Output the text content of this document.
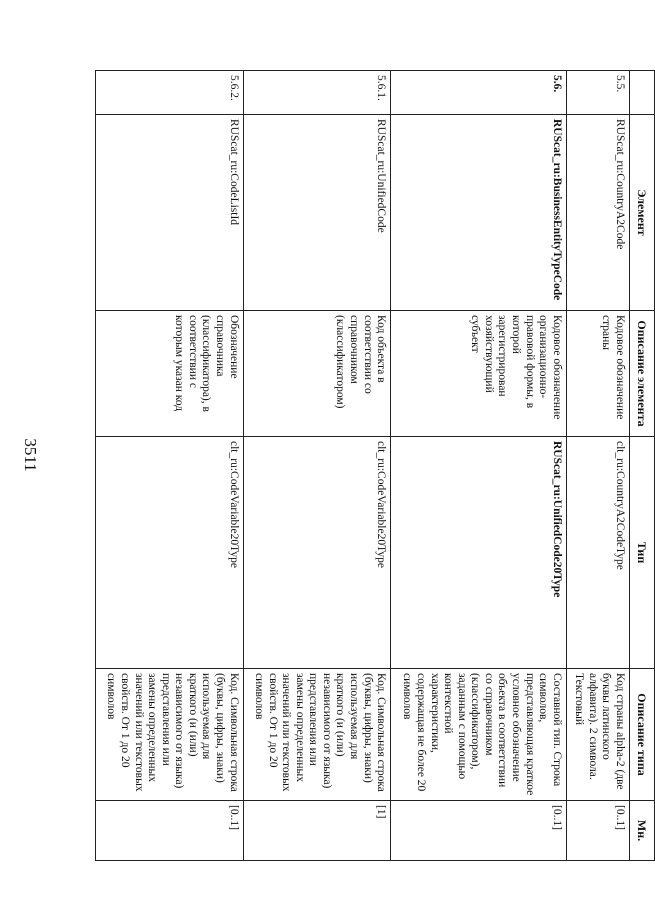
3511
	Элемент	Описание элемента	Тип	Описание типа	Мн.
5.5.	RUScat_ru:CountryA2Code	Кодовое обозначение страны	clt_ru:CountryA2CodeType	Код страны alpha-2 (две буквы латинского алфавита). 2 символа. Текстовый	[0..1]
5.6.	RUScat_ru:BusinessEntityTypeCode	Кодовое обозначение организационно-правовой формы, в которой зарегистрирован хозяйствующий субъект	RUScat_ru:UnifiedCode20Type	Составной тип. Строка символов, представляющая краткое условное обозначение объекта в соответствии со справочником (классификатором), заданным с помощью контекстной характеристики, содержащая не более 20 символов	[0..1]
5.6.1.	RUScat_ru:UnifiedCode	Код объекта в соответствии со справочником (классификатором)	clt_ru:CodeVariable20Type	Код. Символьная строка (буквы, цифры, знаки) используемая для краткого (и (или) независимого от языка) представления или замены определенных значений или текстовых свойств. От 1 до 20 символов	[1]
5.6.2.	RUScat_ru:CodeListId	Обозначение справочника (классификатора), в соответствии с которым указан код	clt_ru:CodeVariable20Type	Код. Символьная строка (буквы, цифры, знаки) используемая для краткого (и (или) независимого от языка) представления или замены определенных значений или текстовых свойств. От 1 до 20 символов	[0..1]
